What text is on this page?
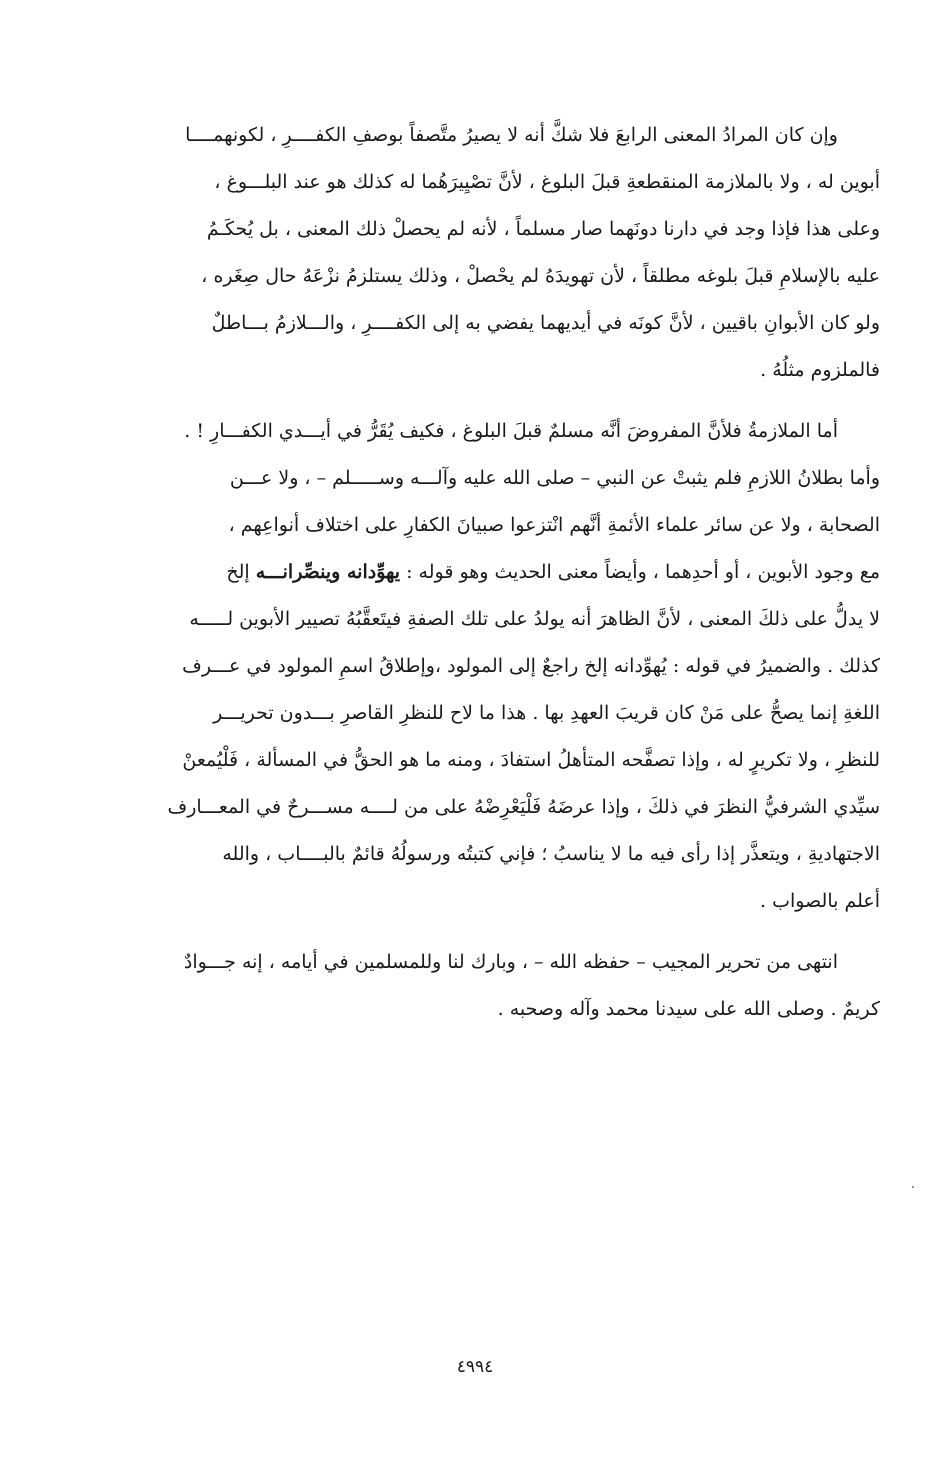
وإن كان المرادُ المعنى الرابعَ فلا شكَّ أنه لا يصيرُ متَّصفاً بوصفِ الكفــــرِ ، لكونهمــــا
أبوين له ، ولا بالملازمة المنقطعةِ قبلَ البلوغ ، لأنَّ تصْيِيرَهُما له كذلك هو عند البلـــوغ ،
وعلى هذا فإذا وجد في دارنا دونَهما صار مسلماً ، لأنه لم يحصلْ ذلك المعنى ، بل يُحكَـمُ
عليه بالإسلامِ قبلَ بلوغه مطلقاً ، لأن تهويدَهُ لم يحْصلْ ، وذلك يستلزمُ نزْعَهُ حال صِغَره ،
ولو كان الأبوانِ باقيين ، لأنَّ كونَه في أيديهما يفضي به إلى الكفــــرِ ، والـــلازمُ بـــاطلٌ
فالملزوم مثلُهُ .
أما الملازمةُ فلأنَّ المفروضَ أنَّه مسلمٌ قبلَ البلوغ ، فكيف يُقَرُّ في أيـــدي الكفـــارِ ! .
وأما بطلانُ اللازمِ فلم يثبتْ عن النبي – صلى الله عليه وآلـــه وســـــلم – ، ولا عـــن
الصحابة ، ولا عن سائر علماء الأئمةِ أنَّهم انْتزعوا صبيانَ الكفارِ على اختلاف أنواعِهم ،
مع وجود الأبوين ، أو أحدِهما ، وأيضاً معنى الحديث وهو قوله : يهوِّدانه وينصِّرانـــه إلخ
لا يدلُّ على ذلكَ المعنى ، لأنَّ الظاهرَ أنه يولدُ على تلك الصفةِ فيتَعقَّبُهُ تصيير الأبوين لـــــه
كذلك . والضميرُ في قوله : يُهوِّدانه إلخ راجعٌ إلى المولود ،وإطلاقُ اسمِ المولود في عـــرف
اللغةِ إنما يصحُّ على مَنْ كان قريبَ العهدِ بها . هذا ما لاح للنظرِ القاصرِ بـــدون تحريـــر
للنظرِ ، ولا تكريرٍ له ، وإذا تصفَّحه المتأهلُ استفادَ ، ومنه ما هو الحقُّ في المسألة ، فَلْيُمعنْ
سيِّدي الشرفيُّ النظرَ في ذلكَ ، وإذا عرضَهُ فَلْيَعْرِضْهُ على من لــــه مســـرحٌ في المعـــارف
الاجتهاديةِ ، ويتعذَّر إذا رأى فيه ما لا يناسبُ ؛ فإني كتبتُه ورسولُهُ قائمٌ بالبــــاب ، والله
أعلم بالصواب .
انتهى من تحرير المجيب – حفظه الله – ، وبارك لنا وللمسلمين في أيامه ، إنه جـــوادٌ
كريمٌ . وصلى الله على سيدنا محمد وآله وصحبه .
٤٩٩٤
